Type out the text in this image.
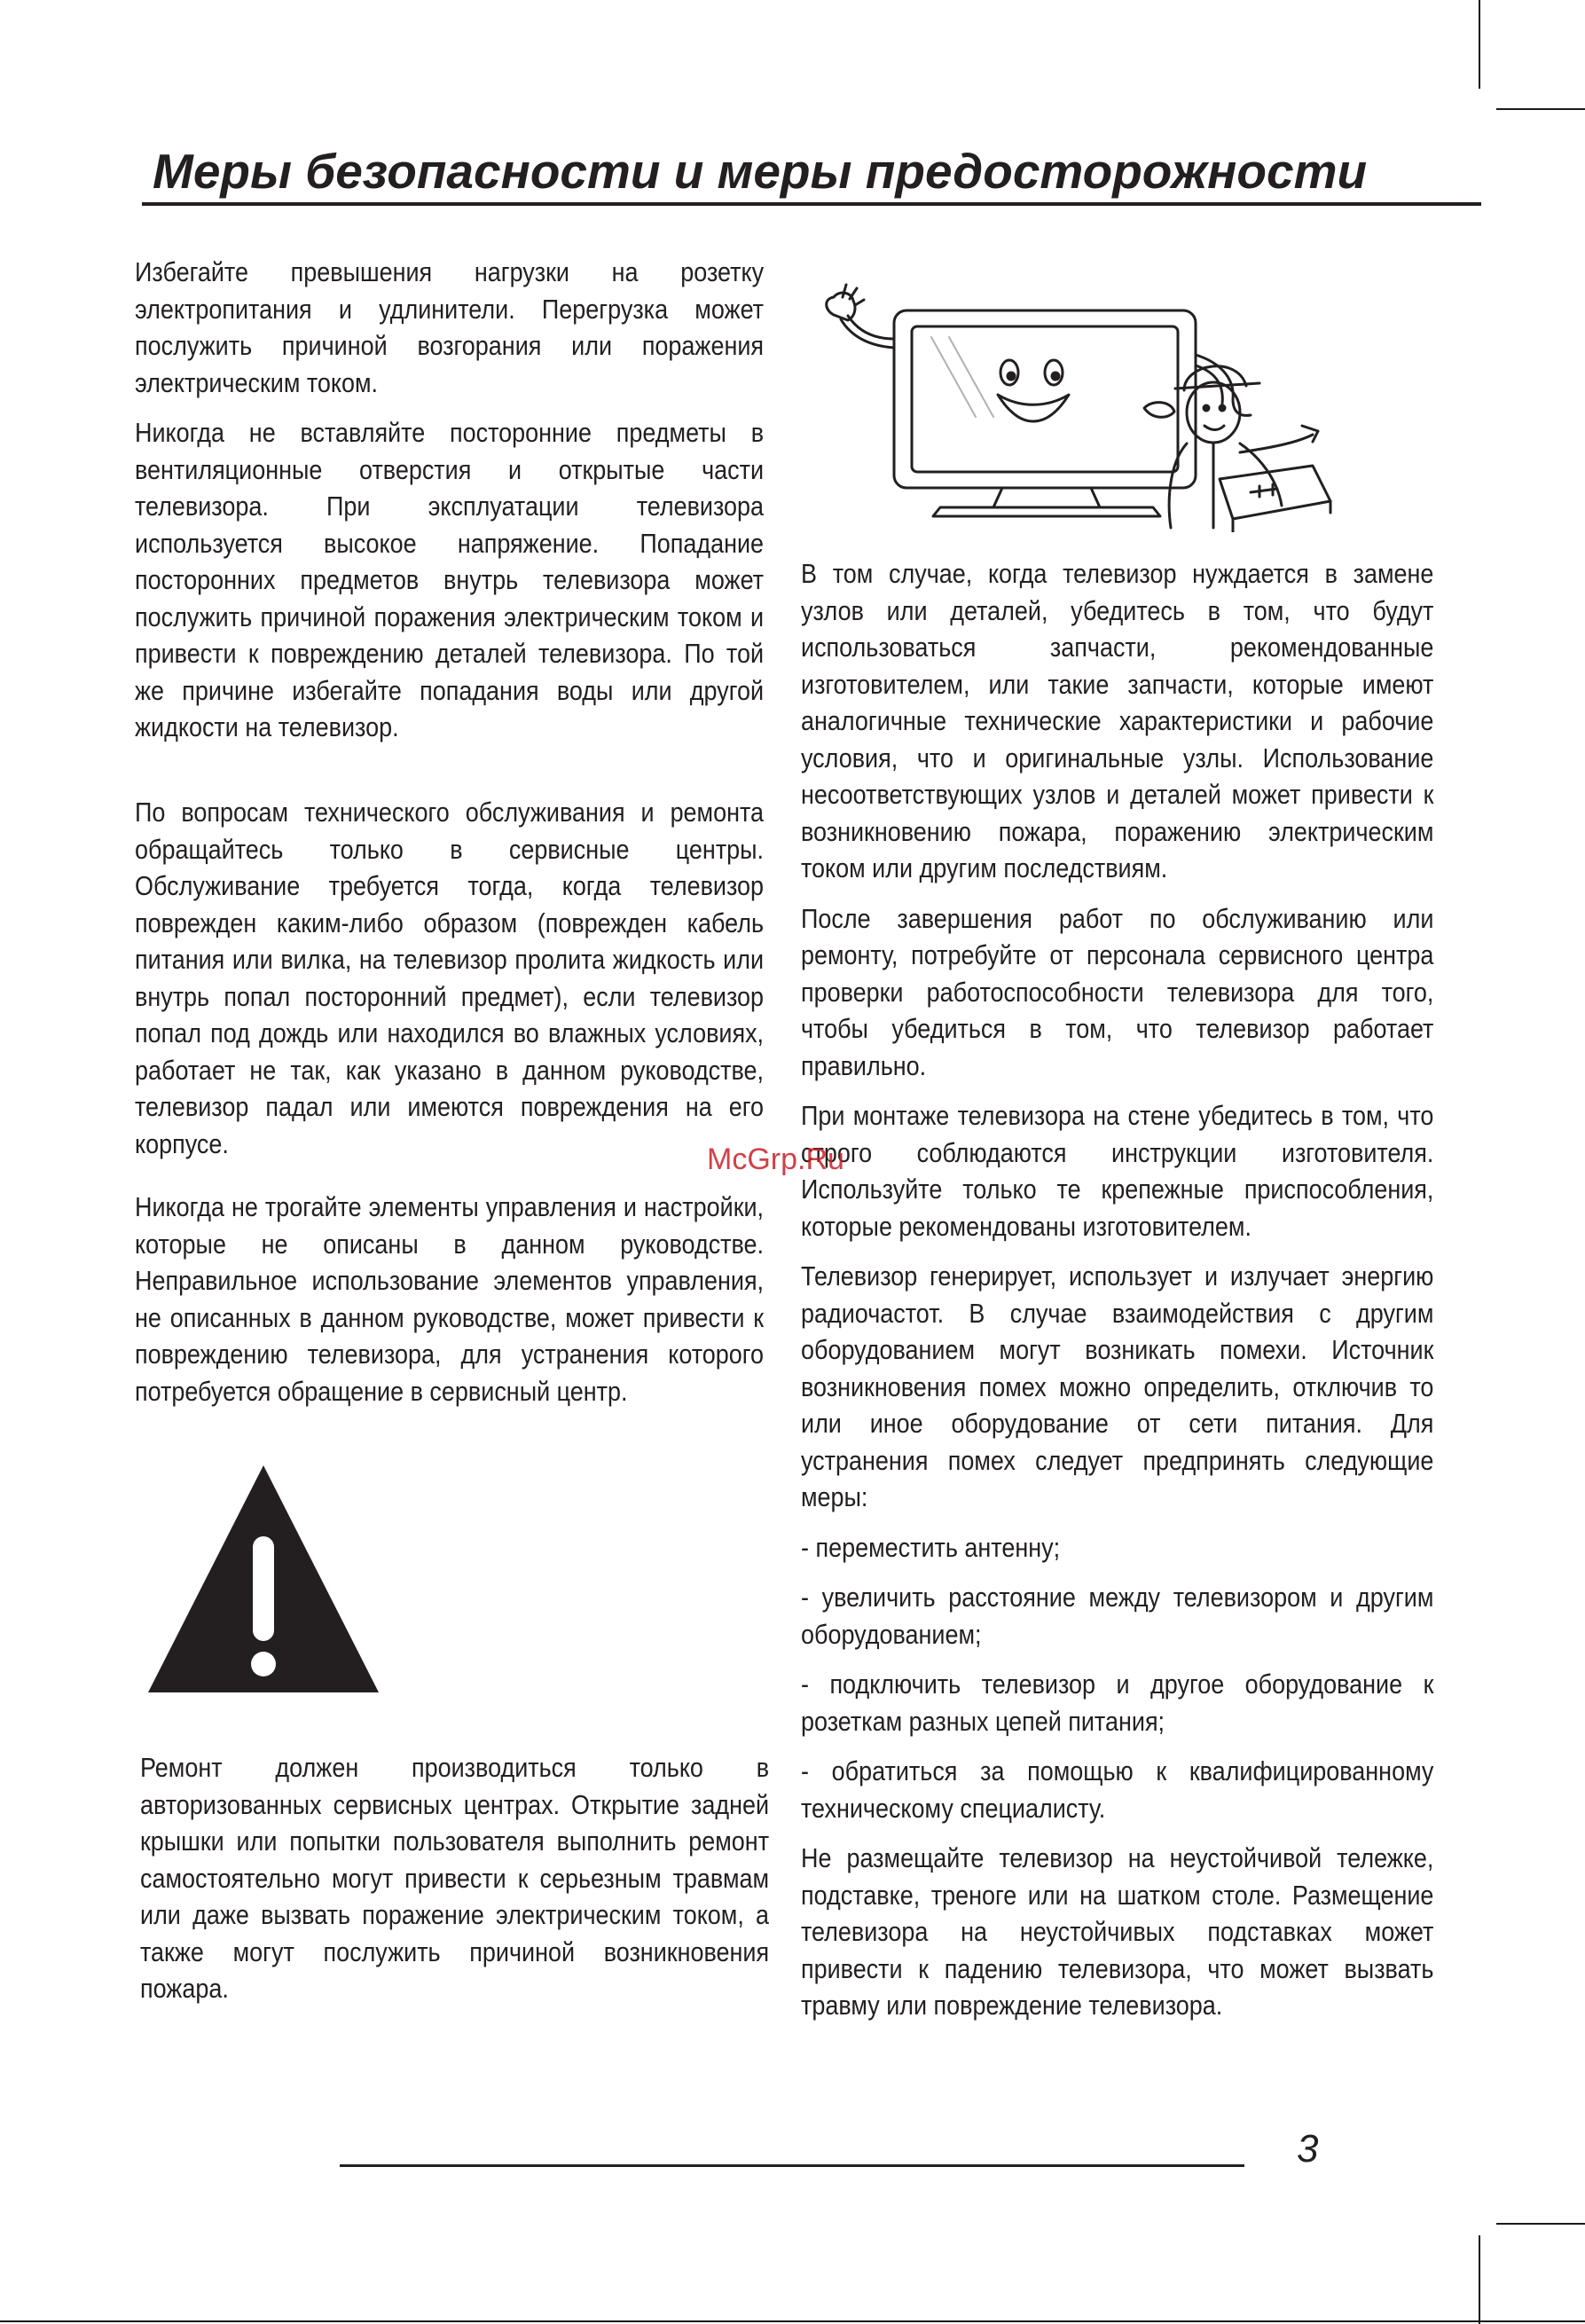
Меры безопасности и меры предосторожности

Избегайте превышения нагрузки на розетку электропитания и удлинители. Перегрузка может послужить причиной возгорания или поражения электрическим током.

Никогда не вставляйте посторонние предметы в вентиляционные отверстия и открытые части телевизора. При эксплуатации телевизора используется высокое напряжение. Попадание посторонних предметов внутрь телевизора может послужить причиной поражения электрическим током и привести к повреждению деталей телевизора. По той же причине избегайте попадания воды или другой жидкости на телевизор.

По вопросам технического обслуживания и ремонта обращайтесь только в сервисные центры. Обслуживание требуется тогда, когда телевизор поврежден каким-либо образом (поврежден кабель питания или вилка, на телевизор пролита жидкость или внутрь попал посторонний предмет), если телевизор попал под дождь или находился во влажных условиях, работает не так, как указано в данном руководстве, телевизор падал или имеются повреждения на его корпусе.

Никогда не трогайте элементы управления и настройки, которые не описаны в данном руководстве. Неправильное использование элементов управления, не описанных в данном руководстве, может привести к повреждению телевизора, для устранения которого потребуется обращение в сервисный центр.

Ремонт должен производиться только в авторизованных сервисных центрах. Открытие задней крышки или попытки пользователя выполнить ремонт самостоятельно могут привести к серьезным травмам или даже вызвать поражение электрическим током, а также могут послужить причиной возникновения пожара.

В том случае, когда телевизор нуждается в замене узлов или деталей, убедитесь в том, что будут использоваться запчасти, рекомендованные изготовителем, или такие запчасти, которые имеют аналогичные технические характеристики и рабочие условия, что и оригинальные узлы. Использование несоответствующих узлов и деталей может привести к возникновению пожара, поражению электрическим током или другим последствиям.

После завершения работ по обслуживанию или ремонту, потребуйте от персонала сервисного центра проверки работоспособности телевизора для того, чтобы убедиться в том, что телевизор работает правильно.

При монтаже телевизора на стене убедитесь в том, что строго соблюдаются инструкции изготовителя. Используйте только те крепежные приспособления, которые рекомендованы изготовителем.

Телевизор генерирует, использует и излучает энергию радиочастот. В случае взаимодействия с другим оборудованием могут возникать помехи. Источник возникновения помех можно определить, отключив то или иное оборудование от сети питания. Для устранения помех следует предпринять следующие меры:

- переместить антенну;

- увеличить расстояние между телевизором и другим оборудованием;

- подключить телевизор и другое оборудование к розеткам разных цепей питания;

- обратиться за помощью к квалифицированному техническому специалисту.

Не размещайте телевизор на неустойчивой тележке, подставке, треноге или на шатком столе. Размещение телевизора на неустойчивых подставках может привести к падению телевизора, что может вызвать травму или повреждение телевизора.

McGrp.Ru
3
